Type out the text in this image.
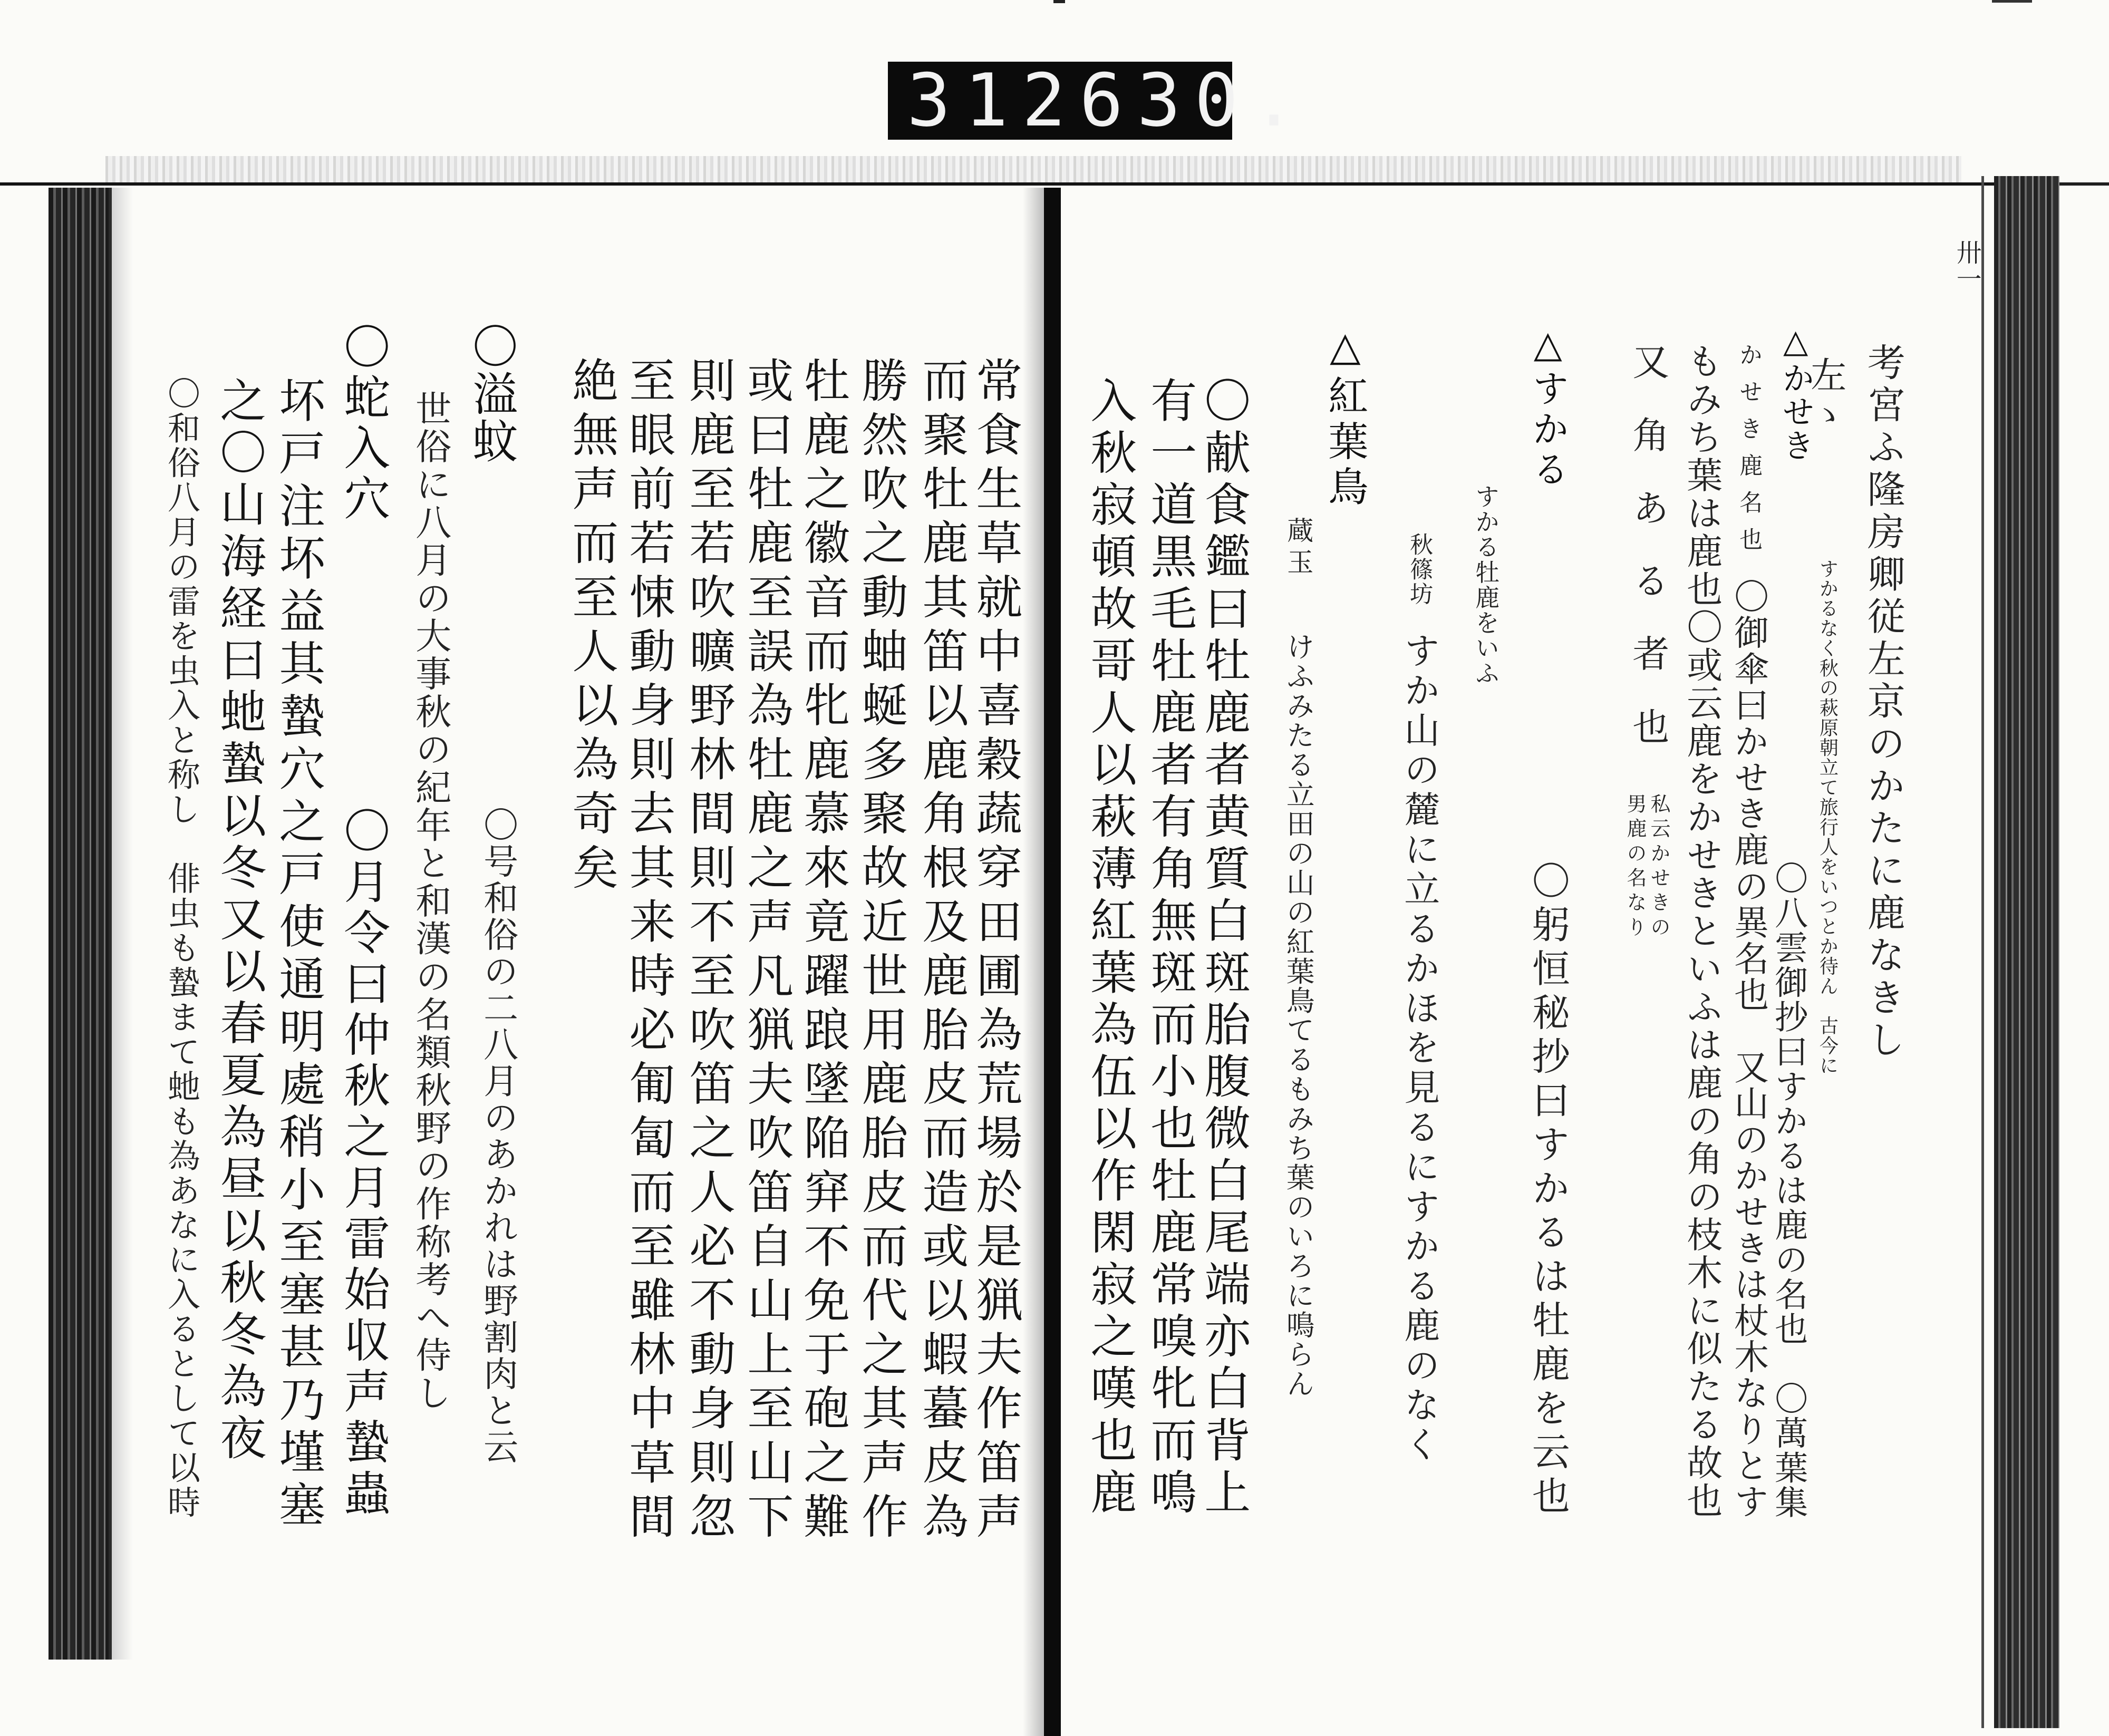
312 630.
卅一
考宮ふ隆房卿従左京のかたに鹿なきし
左ゝ
すかるなく秋の萩原朝立て旅行人をいつとか待ん　古今に
△かせき
〇八雲御抄曰すかるは鹿の名也　〇萬葉集
かせき鹿名也
〇御傘曰かせき鹿の異名也　又山のかせきは杖木なりとす
もみち葉は鹿也〇或云鹿をかせきといふは鹿の角の枝木に似たる故也
又角ある者也
私云かせきの
男鹿の名なり
△すかる
〇躬恒秘抄曰すかるは牡鹿を云也
すかる牡鹿をいふ
秋篠坊
すか山の麓に立るかほを見るにすかる鹿のなく
△紅葉鳥
蔵玉
けふみたる立田の山の紅葉鳥てるもみち葉のいろに鳴らん
〇献食鑑曰牡鹿者黄質白斑胎腹微白尾端亦白背上
有一道黒毛牡鹿者有角無斑而小也牡鹿常嗅牝而鳴
入秋寂頓故哥人以萩薄紅葉為伍以作閑寂之嘆也鹿
常食生草就中喜穀蔬穿田圃為荒場於是猟夫作笛声
而聚牡鹿其笛以鹿角根及鹿胎皮而造或以蝦蟇皮為
勝然吹之動蚰蜒多聚故近世用鹿胎皮而代之其声作
牡鹿之徽音而牝鹿慕來竟躍踉墜陥穽不免于砲之難
或曰牡鹿至誤為牡鹿之声凡猟夫吹笛自山上至山下
則鹿至若吹曠野林間則不至吹笛之人必不動身則忽
至眼前若悚動身則去其来時必匍匐而至雖林中草間
絶無声而至人以為奇矣
〇溢蚊
〇号和俗の二八月のあかれは野割肉と云
世俗に八月の大事秋の紀年と和漢の名類秋野の作称考へ侍し
〇蛇入穴
〇月令曰仲秋之月雷始収声蟄蟲
坏戸注坏益其蟄穴之戸使通明處稍小至塞甚乃墐塞
之〇山海経曰虵蟄以冬又以春夏為昼以秋冬為夜
〇和俗八月の雷を虫入と称し　俳虫も蟄まて虵も為あなに入るとして以時
